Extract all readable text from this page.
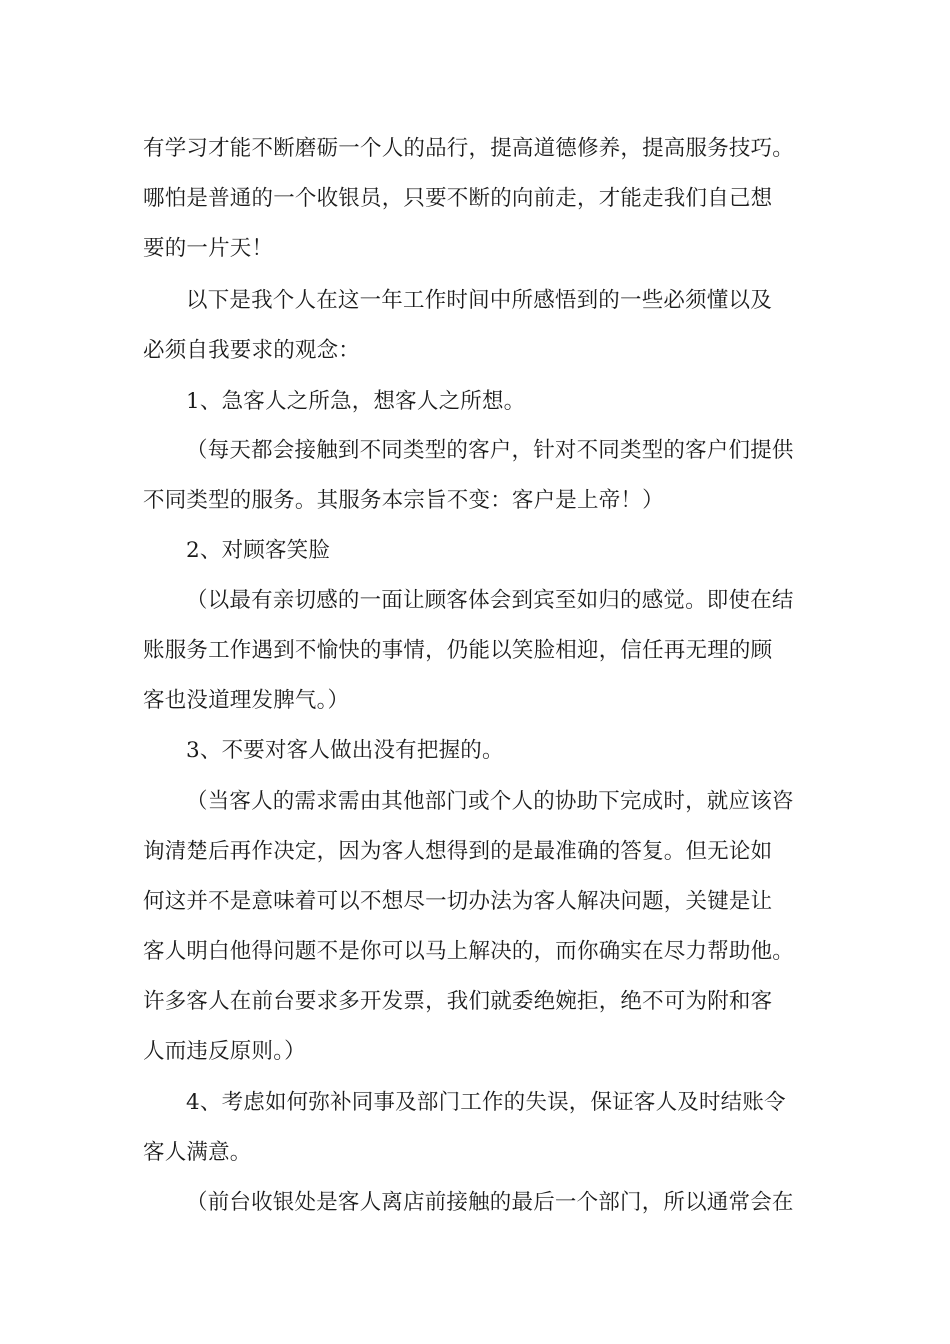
有学习才能不断磨砺一个人的品行，提高道德修养，提高服务技巧。
哪怕是普通的一个收银员，只要不断的向前走，才能走我们自己想
要的一片天！
以下是我个人在这一年工作时间中所感悟到的一些必须懂以及
必须自我要求的观念：
1、急客人之所急，想客人之所想。
（每天都会接触到不同类型的客户，针对不同类型的客户们提供
不同类型的服务。其服务本宗旨不变：客户是上帝！）
2、对顾客笑脸
（以最有亲切感的一面让顾客体会到宾至如归的感觉。即使在结
账服务工作遇到不愉快的事情，仍能以笑脸相迎，信任再无理的顾
客也没道理发脾气。）
3、不要对客人做出没有把握的。
（当客人的需求需由其他部门或个人的协助下完成时，就应该咨
询清楚后再作决定，因为客人想得到的是最准确的答复。但无论如
何这并不是意味着可以不想尽一切办法为客人解决问题，关键是让
客人明白他得问题不是你可以马上解决的，而你确实在尽力帮助他。
许多客人在前台要求多开发票，我们就委绝婉拒，绝不可为附和客
人而违反原则。）
4、考虑如何弥补同事及部门工作的失误，保证客人及时结账令
客人满意。
（前台收银处是客人离店前接触的最后一个部门，所以通常会在
